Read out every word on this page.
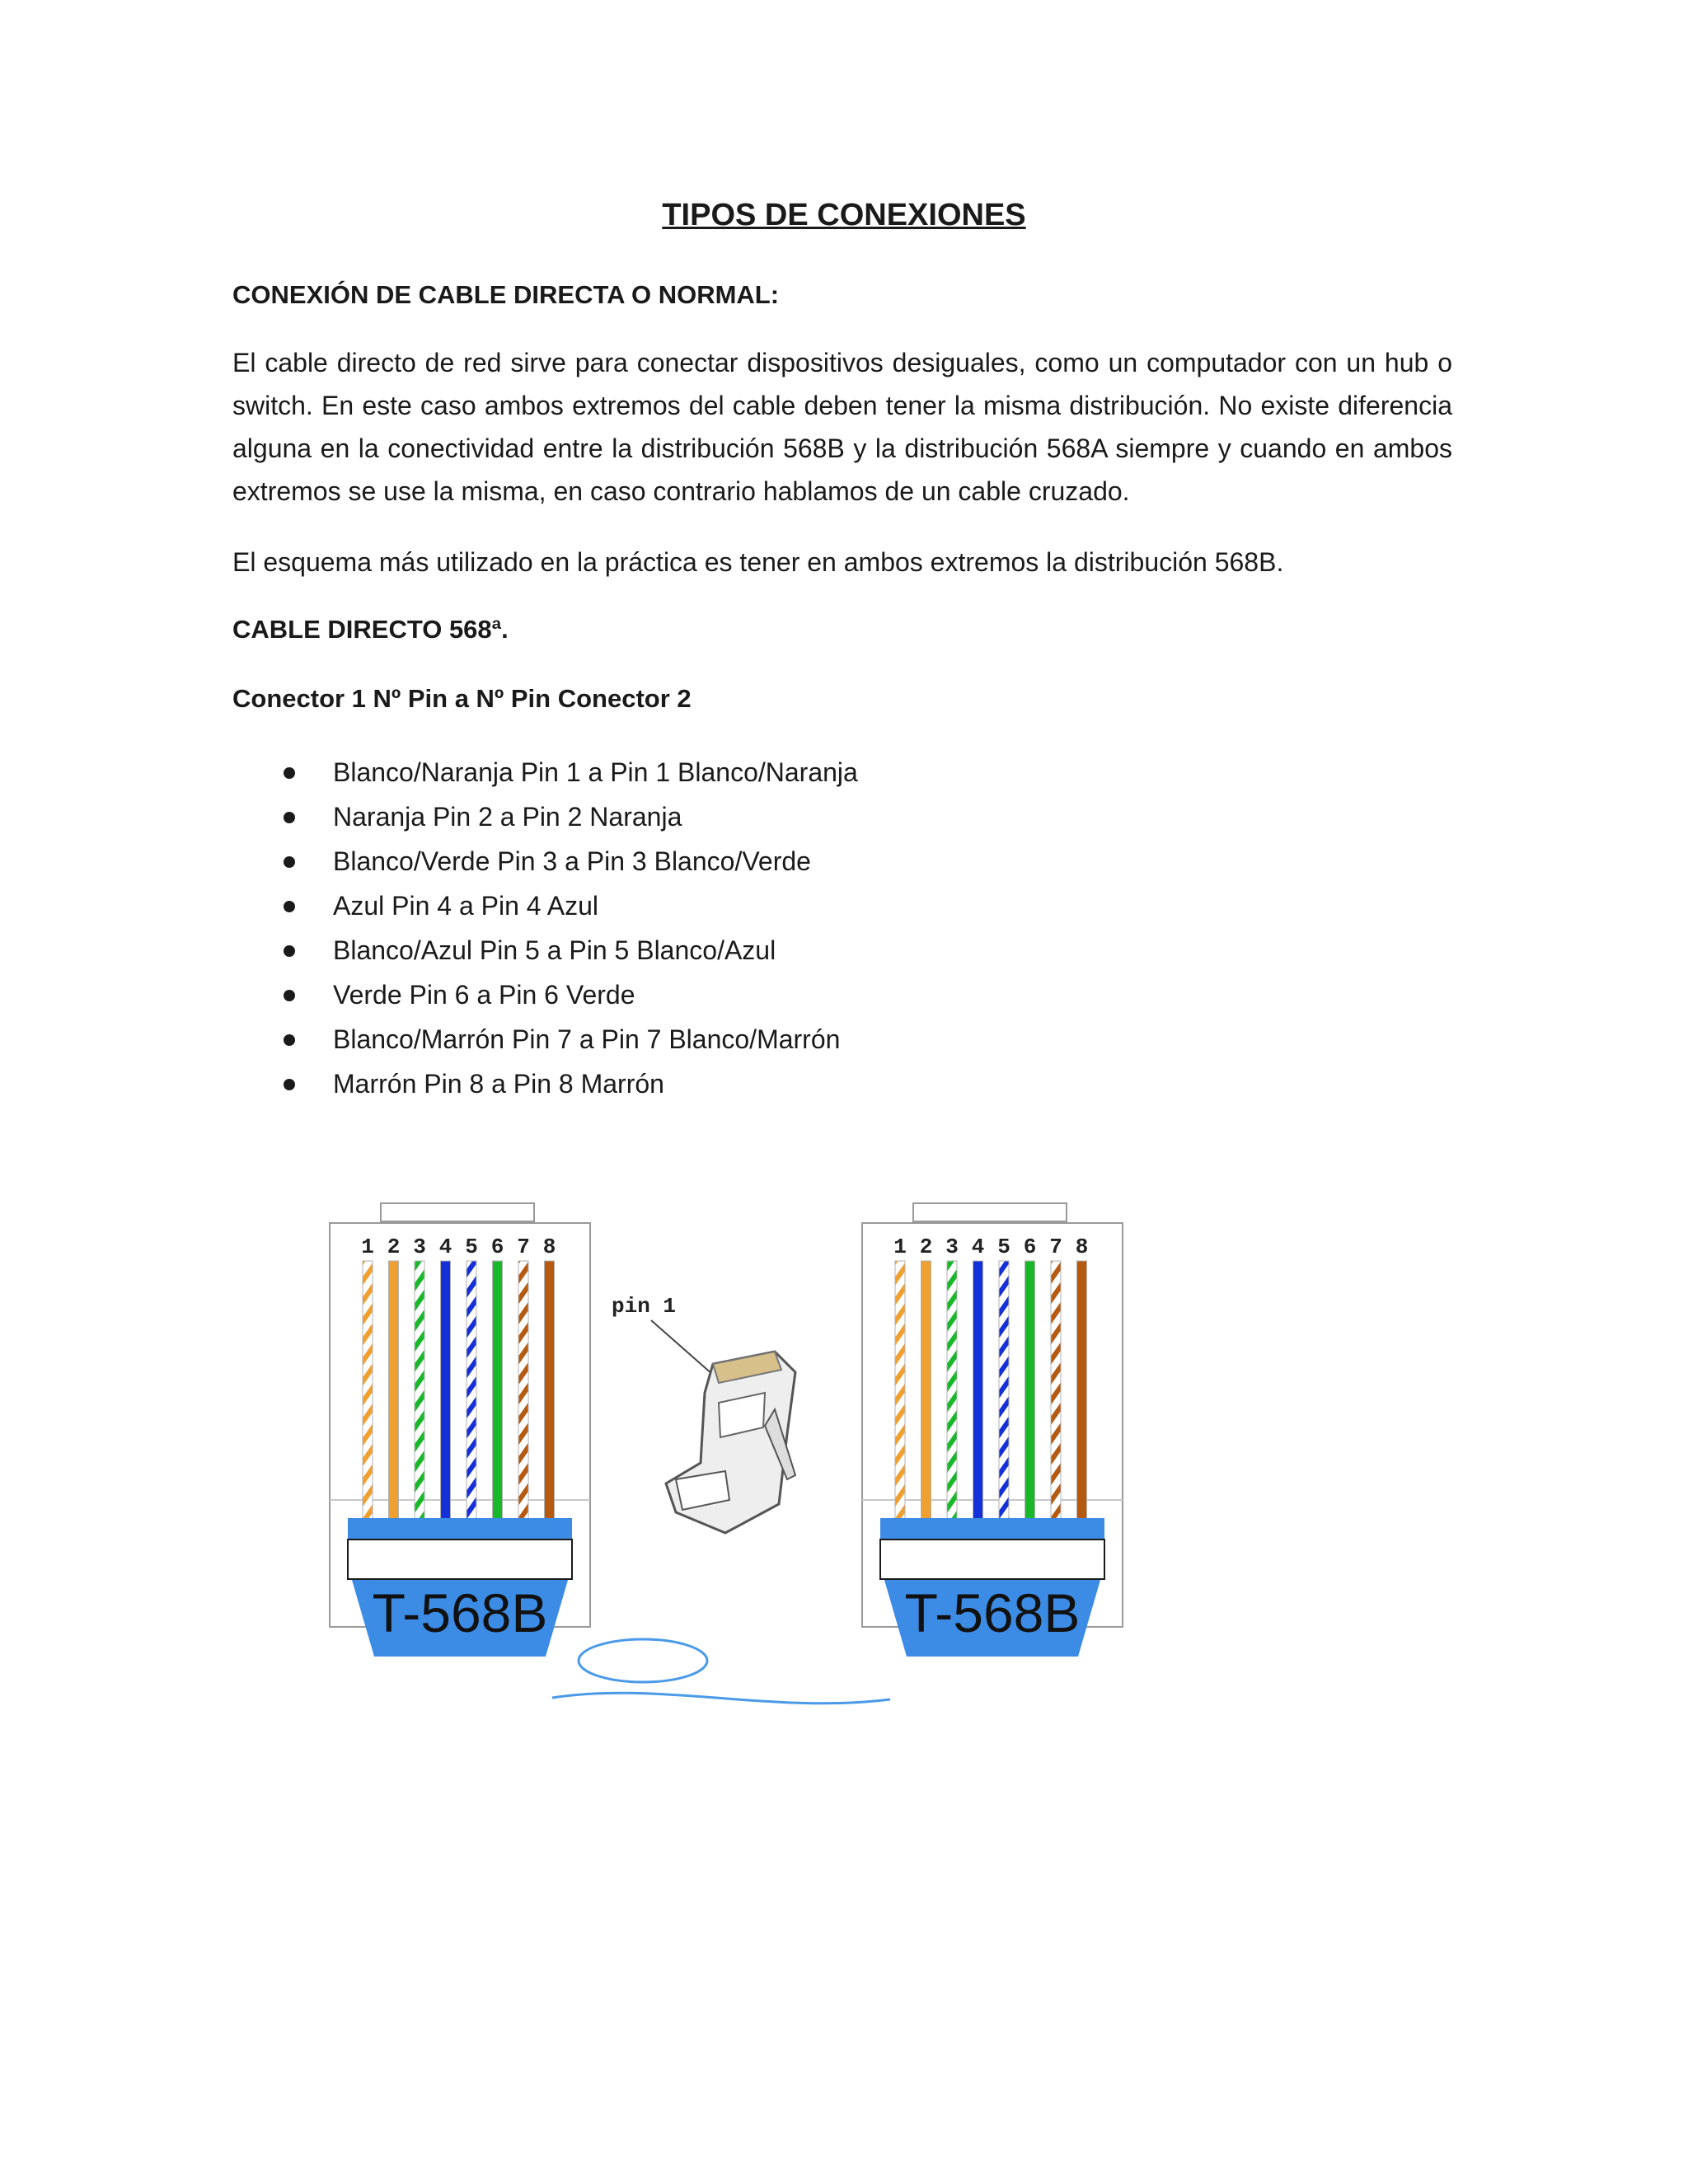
TIPOS DE CONEXIONES
CONEXIÓN DE CABLE DIRECTA O NORMAL:

El cable directo de red sirve para conectar dispositivos desiguales, como un computador con un hub o switch. En este caso ambos extremos del cable deben tener la misma distribución. No existe diferencia alguna en la conectividad entre la distribución 568B y la distribución 568A siempre y cuando en ambos extremos se use la misma, en caso contrario hablamos de un cable cruzado.

El esquema más utilizado en la práctica es tener en ambos extremos la distribución 568B.

CABLE DIRECTO 568ª.
Conector 1 Nº Pin a Nº Pin Conector 2
Blanco/Naranja Pin 1 a Pin 1 Blanco/Naranja
Naranja Pin 2 a Pin 2 Naranja
Blanco/Verde Pin 3 a Pin 3 Blanco/Verde
Azul Pin 4 a Pin 4 Azul
Blanco/Azul Pin 5 a Pin 5 Blanco/Azul
Verde Pin 6 a Pin 6 Verde
Blanco/Marrón Pin 7 a Pin 7 Blanco/Marrón
Marrón Pin 8 a Pin 8 Marrón
1 2 3 4 5 6 7 8
T-568B
1 2 3 4 5 6 7 8
T-568B
pin 1
